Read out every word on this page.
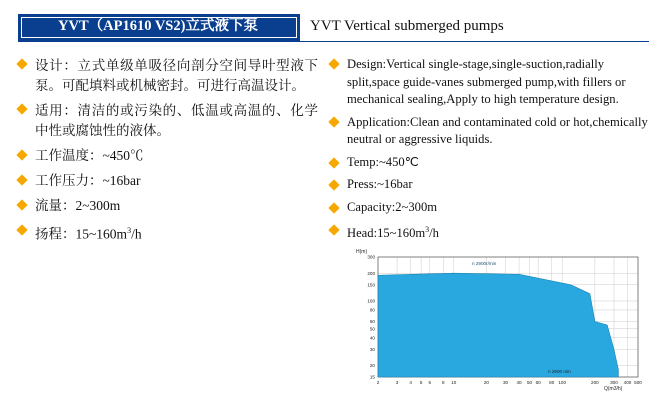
YVT（AP1610 VS2)立式液下泵	YVT Vertical submerged pumps
设计：立式单级单吸径向剖分空间导叶型液下泵。可配填料或机械密封。可进行高温设计。
适用：清洁的或污染的、低温或高温的、化学中性或腐蚀性的液体。
工作温度：~450℃
工作压力：~16bar
流量：2~300m
扬程：$15\sim 160m^3/h$
Design:Vertical single-stage,single-suction,radially split,space guide-vanes submerged pump,with fillers or mechanical sealing,Apply to high temperature design.
Application:Clean and contaminated cold or hot,chemically neutral or aggressive liquids.
Temp:~450℃
Press:~16bar
Capacity:2~300m
$Head:15\sim 160m^3/h$
2	3 4 5 6 8 10	20	30 40 50 60 80 100	200 300 400 500
300
200
150
100
80
60
50
40
30
20
15
Q(m3/h)
H(m)
n 2900r/min
n 2900 min
